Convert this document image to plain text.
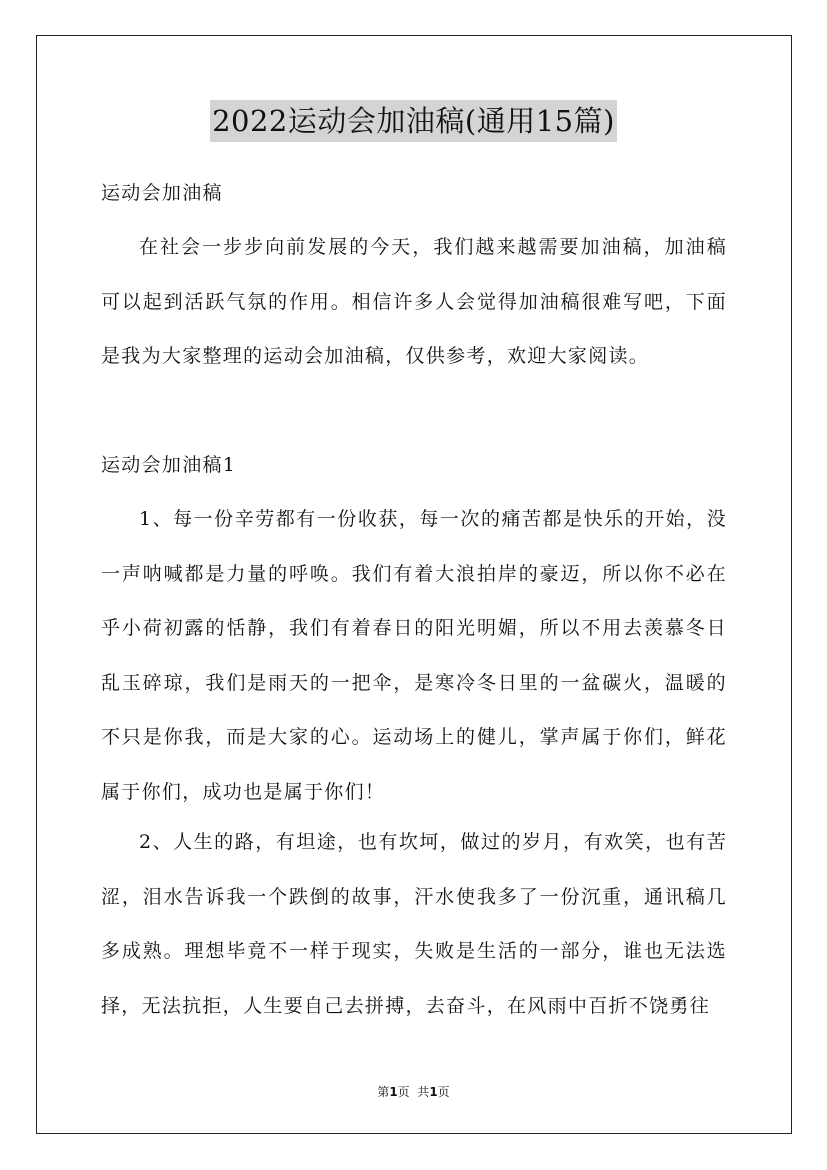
2022运动会加油稿(通用15篇)

运动会加油稿

在社会一步步向前发展的今天，我们越来越需要加油稿，加油稿可以起到活跃气氛的作用。相信许多人会觉得加油稿很难写吧，下面是我为大家整理的运动会加油稿，仅供参考，欢迎大家阅读。

运动会加油稿1

1、每一份辛劳都有一份收获，每一次的痛苦都是快乐的开始，没一声呐喊都是力量的呼唤。我们有着大浪拍岸的豪迈，所以你不必在乎小荷初露的恬静，我们有着春日的阳光明媚，所以不用去羡慕冬日乱玉碎琼，我们是雨天的一把伞，是寒冷冬日里的一盆碳火，温暖的不只是你我，而是大家的心。运动场上的健儿，掌声属于你们，鲜花属于你们，成功也是属于你们！

2、人生的路，有坦途，也有坎坷，做过的岁月，有欢笑，也有苦涩，泪水告诉我一个跌倒的故事，汗水使我多了一份沉重，通讯稿几多成熟。理想毕竟不一样于现实，失败是生活的一部分，谁也无法选择，无法抗拒，人生要自己去拼搏，去奋斗，在风雨中百折不饶勇往

第1页  共1页
